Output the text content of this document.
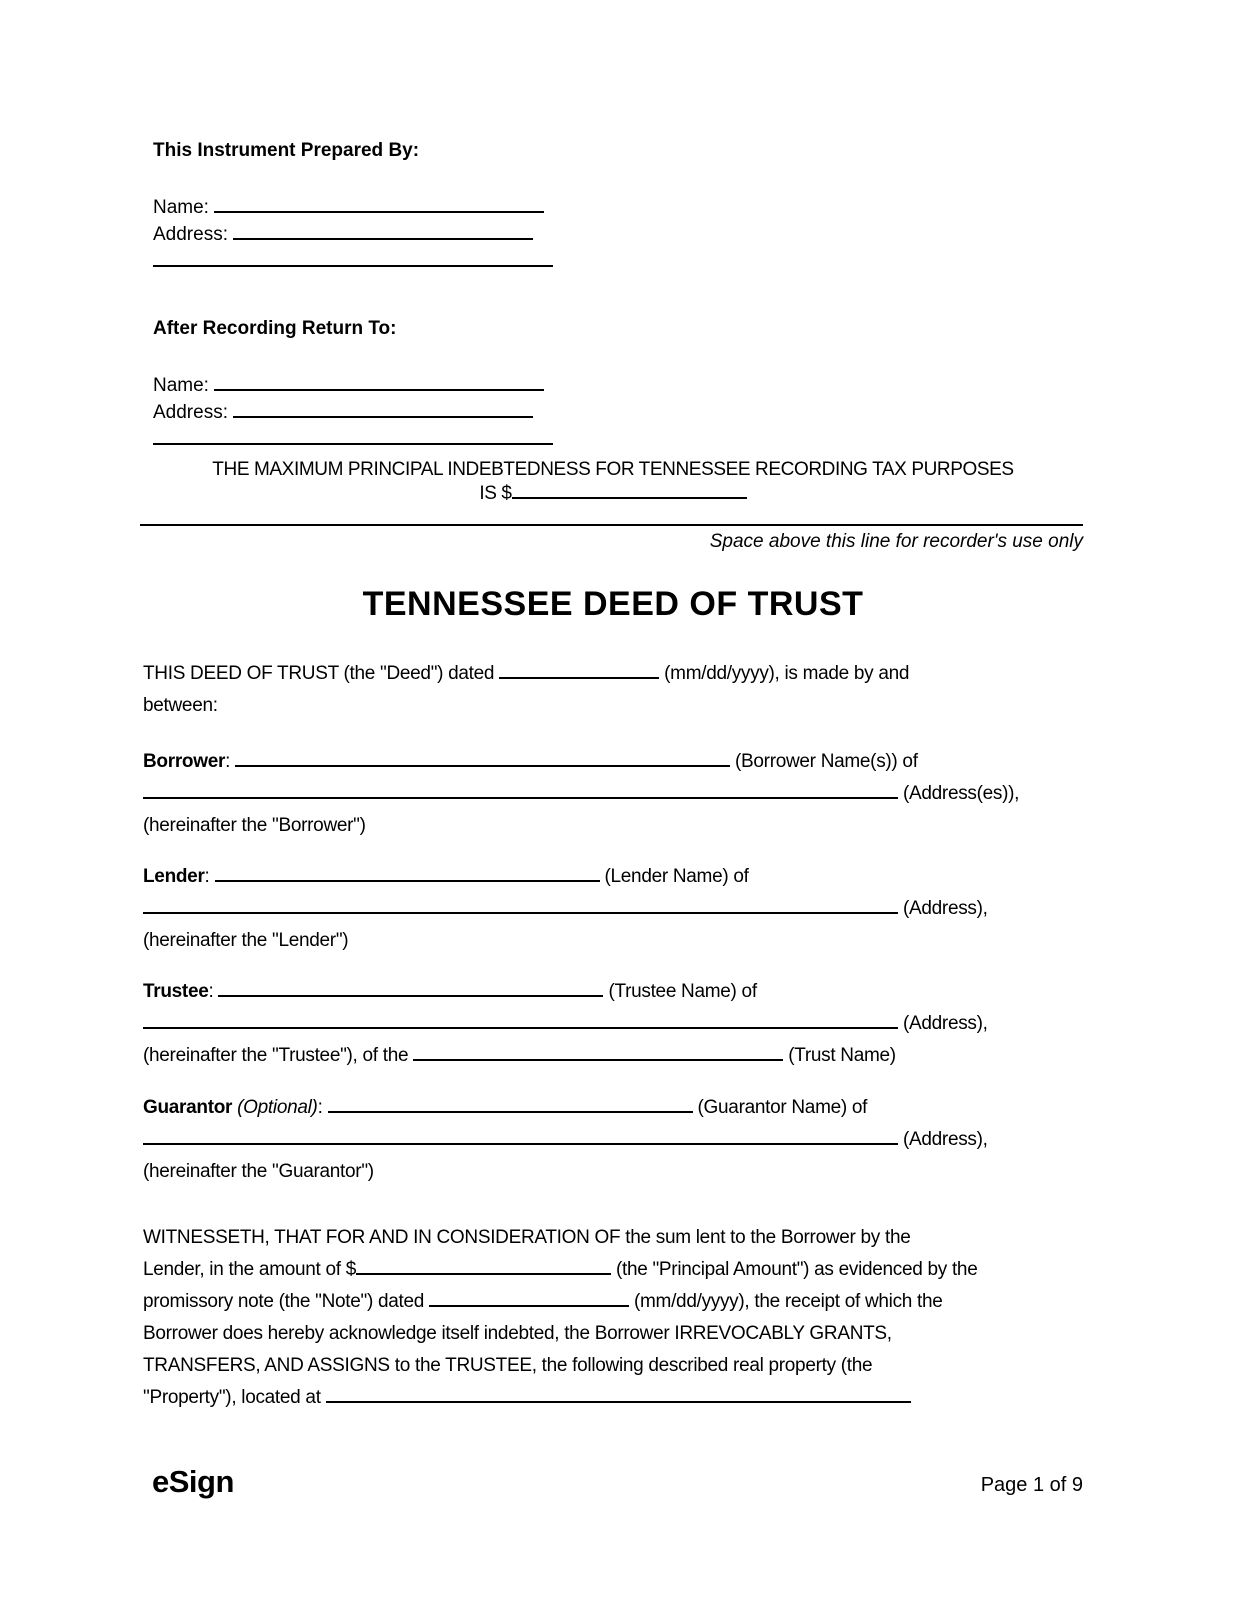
This Instrument Prepared By:
Name:
Address:
After Recording Return To:
Name:
Address:
THE MAXIMUM PRINCIPAL INDEBTEDNESS FOR TENNESSEE RECORDING TAX PURPOSES
IS $
Space above this line for recorder's use only
TENNESSEE DEED OF TRUST
THIS DEED OF TRUST (the "Deed") dated	(mm/dd/yyyy), is made by and
between:
Borrower:	(Borrower Name(s)) of
(Address(es)),
(hereinafter the "Borrower")
Lender:	(Lender Name) of
(Address),
(hereinafter the "Lender")
Trustee:	(Trustee Name) of
(Address),
(hereinafter the "Trustee"), of the	(Trust Name)
Guarantor (Optional):	(Guarantor Name) of
(Address),
(hereinafter the "Guarantor")
WITNESSETH, THAT FOR AND IN CONSIDERATION OF the sum lent to the Borrower by the
Lender, in the amount of $	(the "Principal Amount") as evidenced by the
promissory note (the "Note") dated	(mm/dd/yyyy), the receipt of which the
Borrower does hereby acknowledge itself indebted, the Borrower IRREVOCABLY GRANTS,
TRANSFERS, AND ASSIGNS to the TRUSTEE, the following described real property (the
"Property"), located at
eSign	Page 1 of 9
